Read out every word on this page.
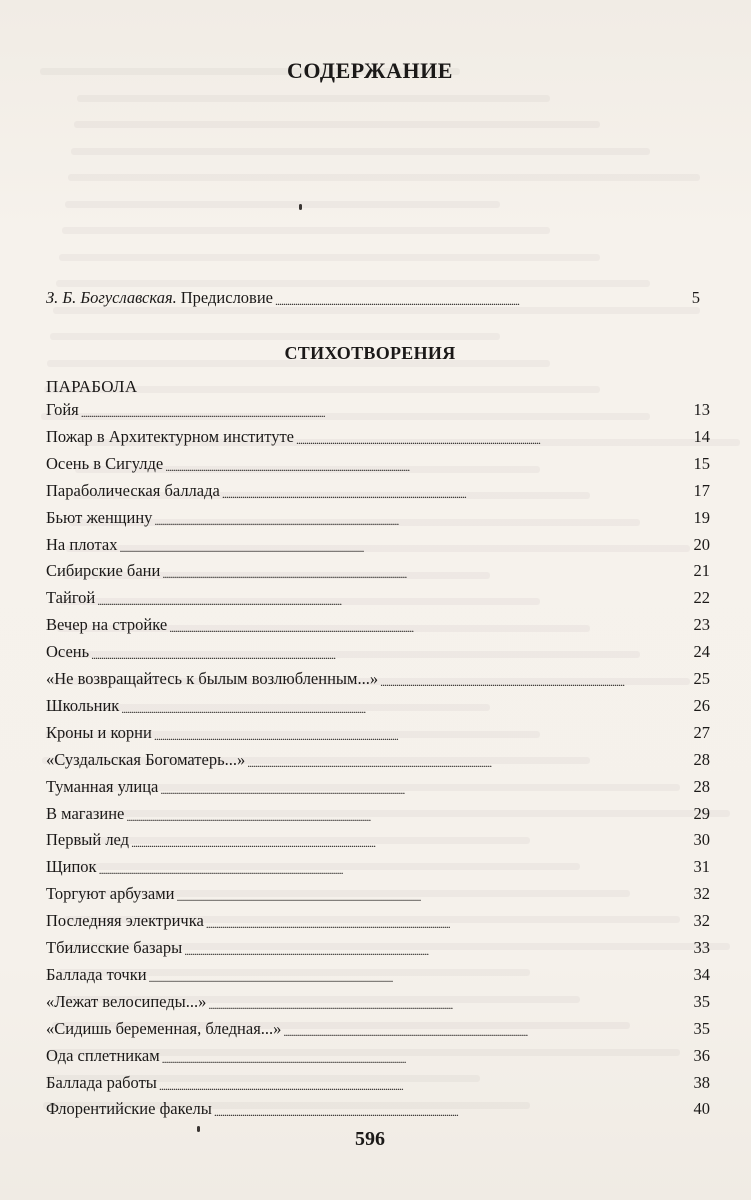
СОДЕРЖАНИЕ
З. Б. Богуславская. Предисловие . . .	5
СТИХОТВОРЕНИЯ
ПАРАБОЛА
Гойя . . .	13
Пожар в Архитектурном институте . . .	14
Осень в Сигулде . . .	15
Параболическая баллада . . .	17
Бьют женщину . . .	19
На плотах . . .	20
Сибирские бани . . .	21
Тайгой . . .	22
Вечер на стройке . . .	23
Осень . . .	24
«Не возвращайтесь к былым возлюбленным...» . . .	25
Школьник . . .	26
Кроны и корни . . .	27
«Суздальская Богоматерь...» . . .	28
Туманная улица . . .	28
В магазине . . .	29
Первый лед . . .	30
Щипок . . .	31
Торгуют арбузами . . .	32
Последняя электричка . . .	32
Тбилисские базары . . .	33
Баллада точки . . .	34
«Лежат велосипеды...» . . .	35
«Сидишь беременная, бледная...» . . .	35
Ода сплетникам . . .	36
Баллада работы . . .	38
Флорентийские факелы . . .	40
596
